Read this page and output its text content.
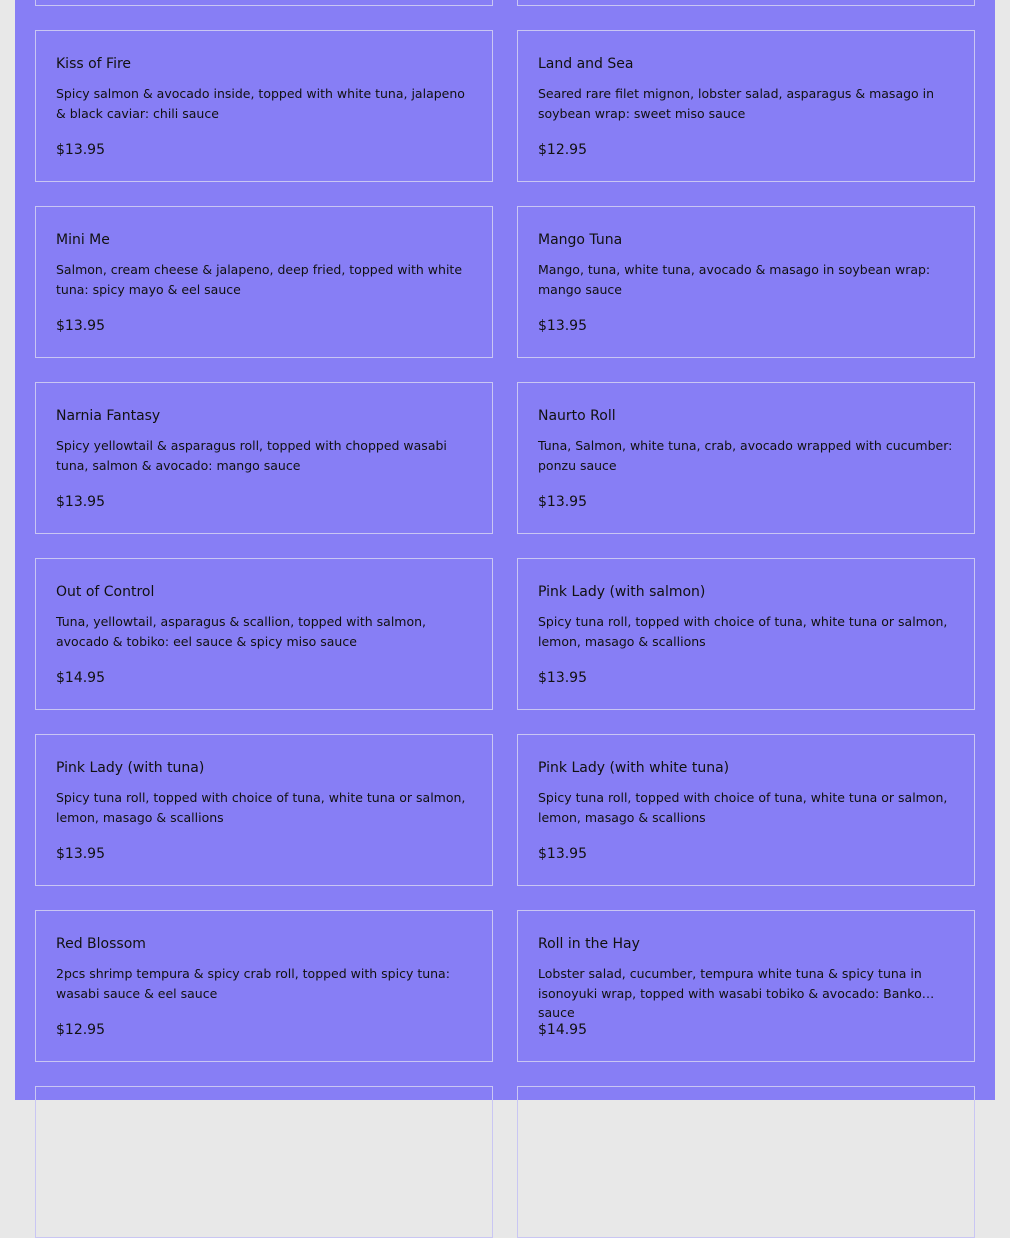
Kiss of Fire

Spicy salmon & avocado inside, topped with white tuna, jalapeno & black caviar: chili sauce

$13.95

Land and Sea

Seared rare filet mignon, lobster salad, asparagus & masago in soybean wrap: sweet miso sauce

$12.95

Mini Me

Salmon, cream cheese & jalapeno, deep fried, topped with white tuna: spicy mayo & eel sauce

$13.95

Mango Tuna

Mango, tuna, white tuna, avocado & masago in soybean wrap: mango sauce

$13.95

Narnia Fantasy

Spicy yellowtail & asparagus roll, topped with chopped wasabi tuna, salmon & avocado: mango sauce

$13.95

Naurto Roll

Tuna, Salmon, white tuna, crab, avocado wrapped with cucumber: ponzu sauce

$13.95

Out of Control

Tuna, yellowtail, asparagus & scallion, topped with salmon, avocado & tobiko: eel sauce & spicy miso sauce

$14.95

Pink Lady (with salmon)

Spicy tuna roll, topped with choice of tuna, white tuna or salmon, lemon, masago & scallions

$13.95

Pink Lady (with tuna)

Spicy tuna roll, topped with choice of tuna, white tuna or salmon, lemon, masago & scallions

$13.95

Pink Lady (with white tuna)

Spicy tuna roll, topped with choice of tuna, white tuna or salmon, lemon, masago & scallions

$13.95

Red Blossom

2pcs shrimp tempura & spicy crab roll, topped with spicy tuna: wasabi sauce & eel sauce

$12.95

Roll in the Hay

Lobster salad, cucumber, tempura white tuna & spicy tuna in isonoyuki wrap, topped with wasabi tobiko & avocado: Banko sauce

$14.95
